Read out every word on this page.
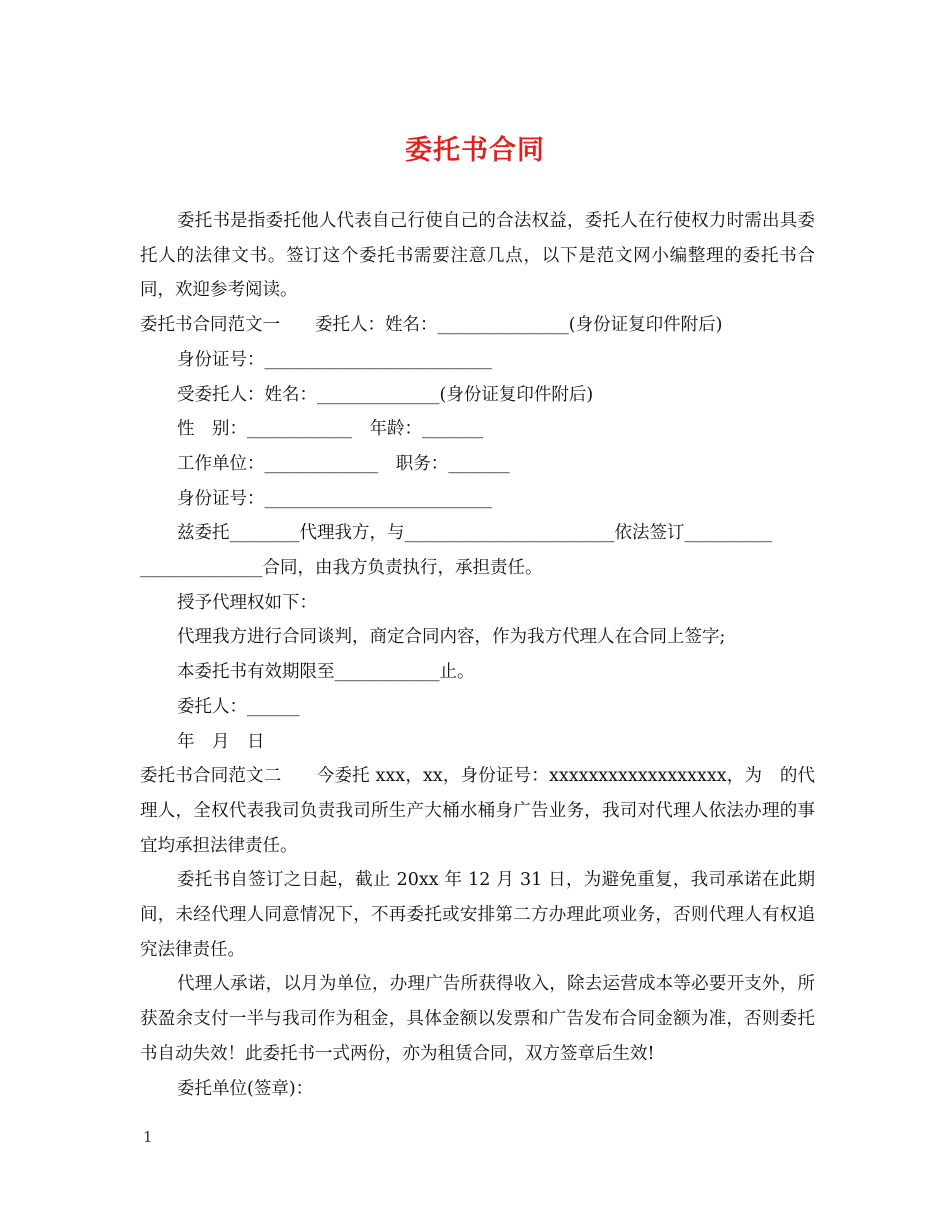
委托书合同

委托书是指委托他人代表自己行使自己的合法权益，委托人在行使权力时需出具委托人的法律文书。签订这个委托书需要注意几点，以下是范文网小编整理的委托书合同，欢迎参考阅读。

委托书合同范文一　　委托人：姓名：_______________(身份证复印件附后)

身份证号：__________________________

受委托人：姓名：______________(身份证复印件附后)

性　别：____________　年龄：_______

工作单位：_____________　职务：_______

身份证号：__________________________

兹委托________代理我方，与________________________依法签订__________

______________合同，由我方负责执行，承担责任。

授予代理权如下：

代理我方进行合同谈判，商定合同内容，作为我方代理人在合同上签字;

本委托书有效期限至____________止。

委托人：______

年　月　日

委托书合同范文二　　今委托 xxx，xx，身份证号：xxxxxxxxxxxxxxxxxx，为　的代理人，全权代表我司负责我司所生产大桶水桶身广告业务，我司对代理人依法办理的事宜均承担法律责任。

委托书自签订之日起，截止 20xx 年 12 月 31 日，为避免重复，我司承诺在此期间，未经代理人同意情况下，不再委托或安排第二方办理此项业务，否则代理人有权追究法律责任。

代理人承诺，以月为单位，办理广告所获得收入，除去运营成本等必要开支外，所获盈余支付一半与我司作为租金，具体金额以发票和广告发布合同金额为准，否则委托书自动失效！此委托书一式两份，亦为租赁合同，双方签章后生效!

委托单位(签章)：

1
